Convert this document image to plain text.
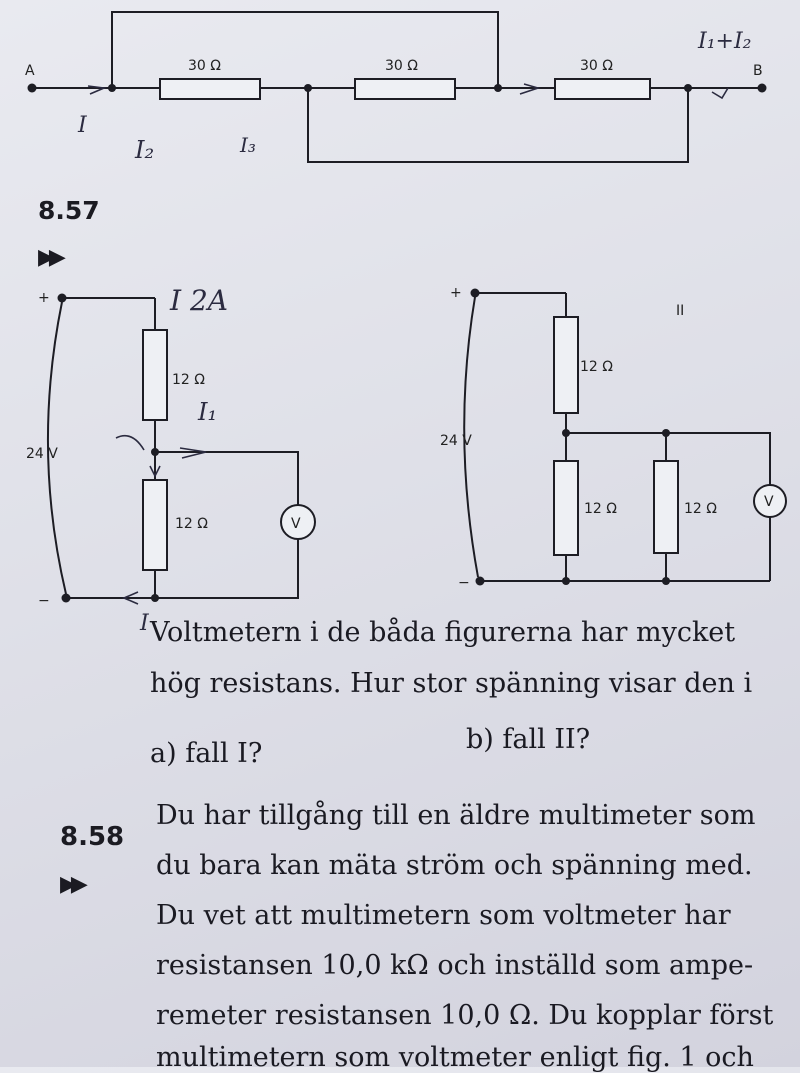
A	B
30 Ω	30 Ω	30 Ω
I
I₂	I₃
I₁+I₂
8.57
▶▶
+
−
24 V
12 Ω
12 Ω	V
I 2A
I₁
I
II
+
−
24 V
12 Ω
12 Ω	12 Ω	V
Voltmetern i de båda figurerna har mycket
hög resistans. Hur stor spänning visar den i
a) fall I?	b) fall II?
8.58
▶▶
Du har tillgång till en äldre multimeter som
du bara kan mäta ström och spänning med.
Du vet att multimetern som voltmeter har
resistansen 10,0 kΩ och inställd som ampe-
remeter resistansen 10,0 Ω. Du kopplar först
multimetern som voltmeter enligt fig. 1 och
